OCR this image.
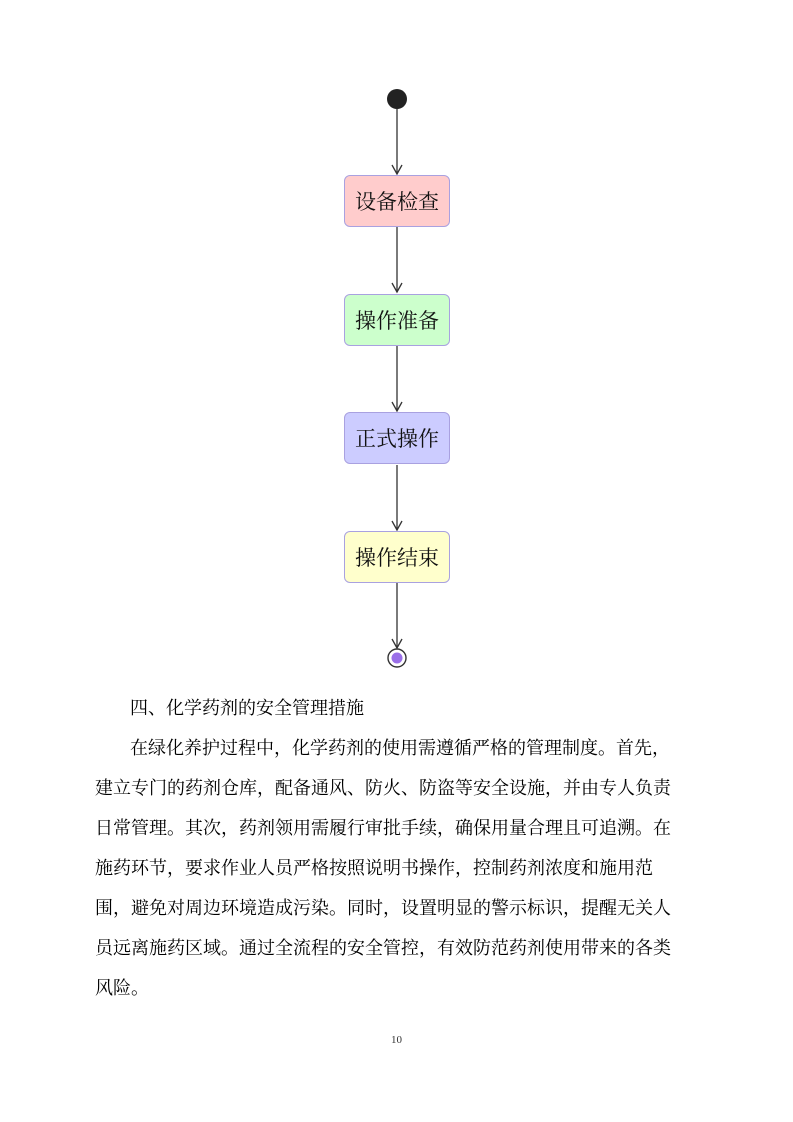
设备检查
操作准备
正式操作
操作结束
四、化学药剂的安全管理措施
在绿化养护过程中，化学药剂的使用需遵循严格的管理制度。首先，
建立专门的药剂仓库，配备通风、防火、防盗等安全设施，并由专人负责
日常管理。其次，药剂领用需履行审批手续，确保用量合理且可追溯。在
施药环节，要求作业人员严格按照说明书操作，控制药剂浓度和施用范
围，避免对周边环境造成污染。同时，设置明显的警示标识，提醒无关人
员远离施药区域。通过全流程的安全管控，有效防范药剂使用带来的各类
风险。
10
